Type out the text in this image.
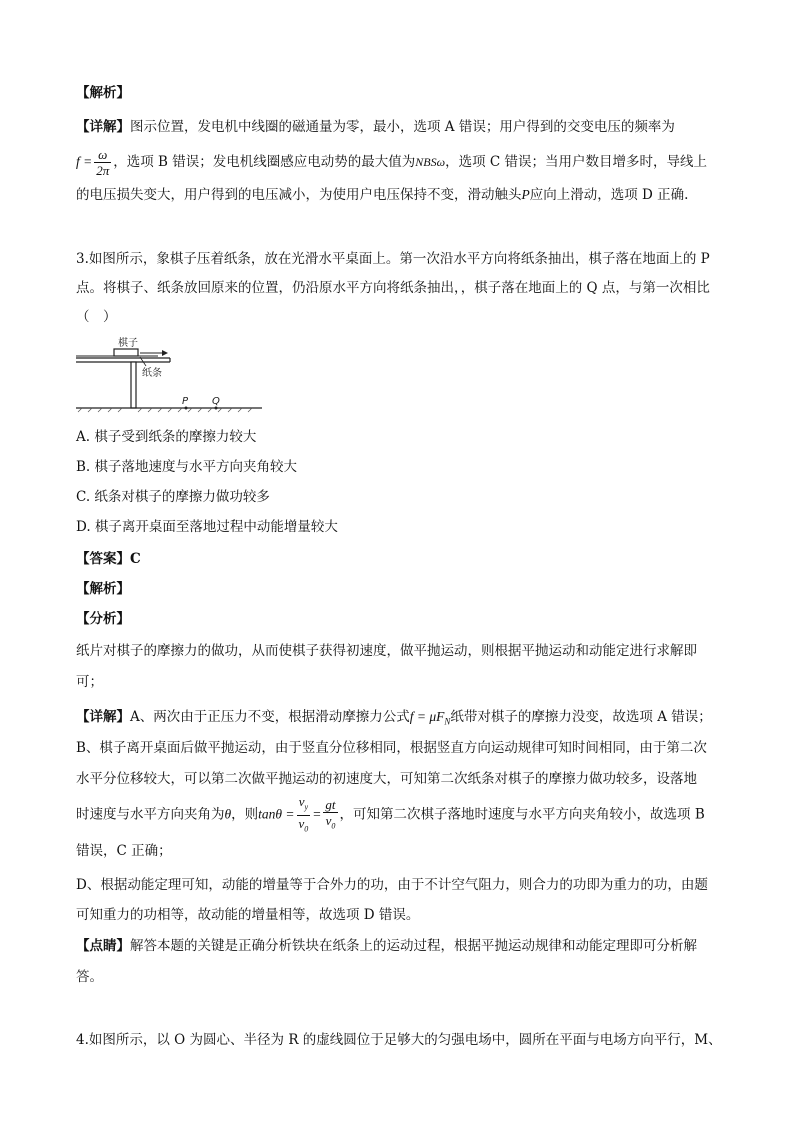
【解析】
【详解】图示位置，发电机中线圈的磁通量为零，最小，选项 A 错误；用户得到的交变电压的频率为
$f = \frac{\omega}{2\pi}$ ，选项 B 错误；发电机线圈感应电动势的最大值为NBSω，选项 C 错误；当用户数目增多时，导线上
的电压损失变大，用户得到的电压减小，为使用户电压保持不变，滑动触头P应向上滑动，选项 D 正确.
3.如图所示，象棋子压着纸条，放在光滑水平桌面上。第一次沿水平方向将纸条抽出，棋子落在地面上的 P
点。将棋子、纸条放回原来的位置，仍沿原水平方向将纸条抽出，，棋子落在地面上的 Q 点，与第一次相比
（　）
棋子
纸条
P Q
A. 棋子受到纸条的摩擦力较大
B. 棋子落地速度与水平方向夹角较大
C. 纸条对棋子的摩擦力做功较多
D. 棋子离开桌面至落地过程中动能增量较大
【答案】C
【解析】
【分析】
纸片对棋子的摩擦力的做功，从而使棋子获得初速度，做平抛运动，则根据平抛运动和动能定进行求解即
可；
【详解】A、两次由于正压力不变，根据滑动摩擦力公式$f = \mu F_N$纸带对棋子的摩擦力没变，故选项 A 错误；
B、棋子离开桌面后做平抛运动，由于竖直分位移相同，根据竖直方向运动规律可知时间相同，由于第二次
水平分位移较大，可以第二次做平抛运动的初速度大，可知第二次纸条对棋子的摩擦力做功较多，设落地
时速度与水平方向夹角为θ，则$\tan\theta = \frac{v_y}{v_0} = \frac{gt}{v_0}$ ，可知第二次棋子落地时速度与水平方向夹角较小，故选项 B
错误，C 正确；
D、根据动能定理可知，动能的增量等于合外力的功，由于不计空气阻力，则合力的功即为重力的功，由题
可知重力的功相等，故动能的增量相等，故选项 D 错误。
【点睛】解答本题的关键是正确分析铁块在纸条上的运动过程，根据平抛运动规律和动能定理即可分析解
答。
4.如图所示，以 O 为圆心、半径为 R 的虚线圆位于足够大的匀强电场中，圆所在平面与电场方向平行，M、
